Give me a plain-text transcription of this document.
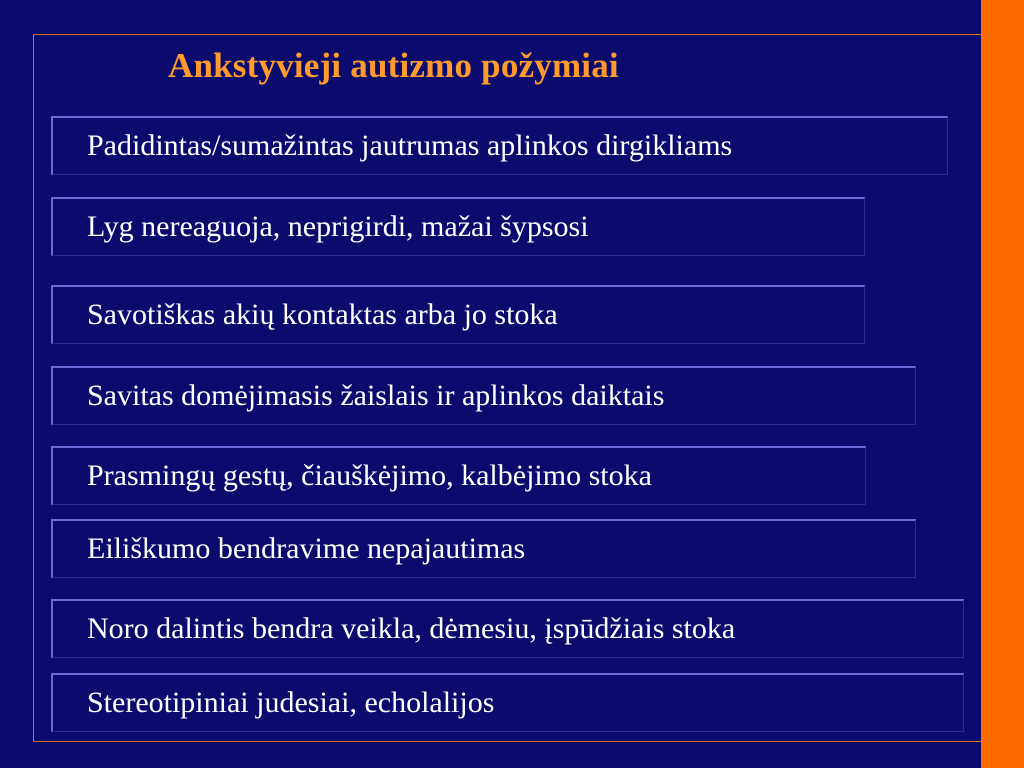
Ankstyvieji autizmo požymiai
Padidintas/sumažintas jautrumas aplinkos dirgikliams
Lyg nereaguoja, neprigirdi, mažai šypsosi
Savotiškas akių kontaktas arba jo stoka
Savitas domėjimasis žaislais ir aplinkos daiktais
Prasmingų gestų, čiauškėjimo, kalbėjimo stoka
Eiliškumo bendravime nepajautimas
Noro dalintis bendra veikla, dėmesiu, įspūdžiais stoka
Stereotipiniai judesiai, echolalijos
